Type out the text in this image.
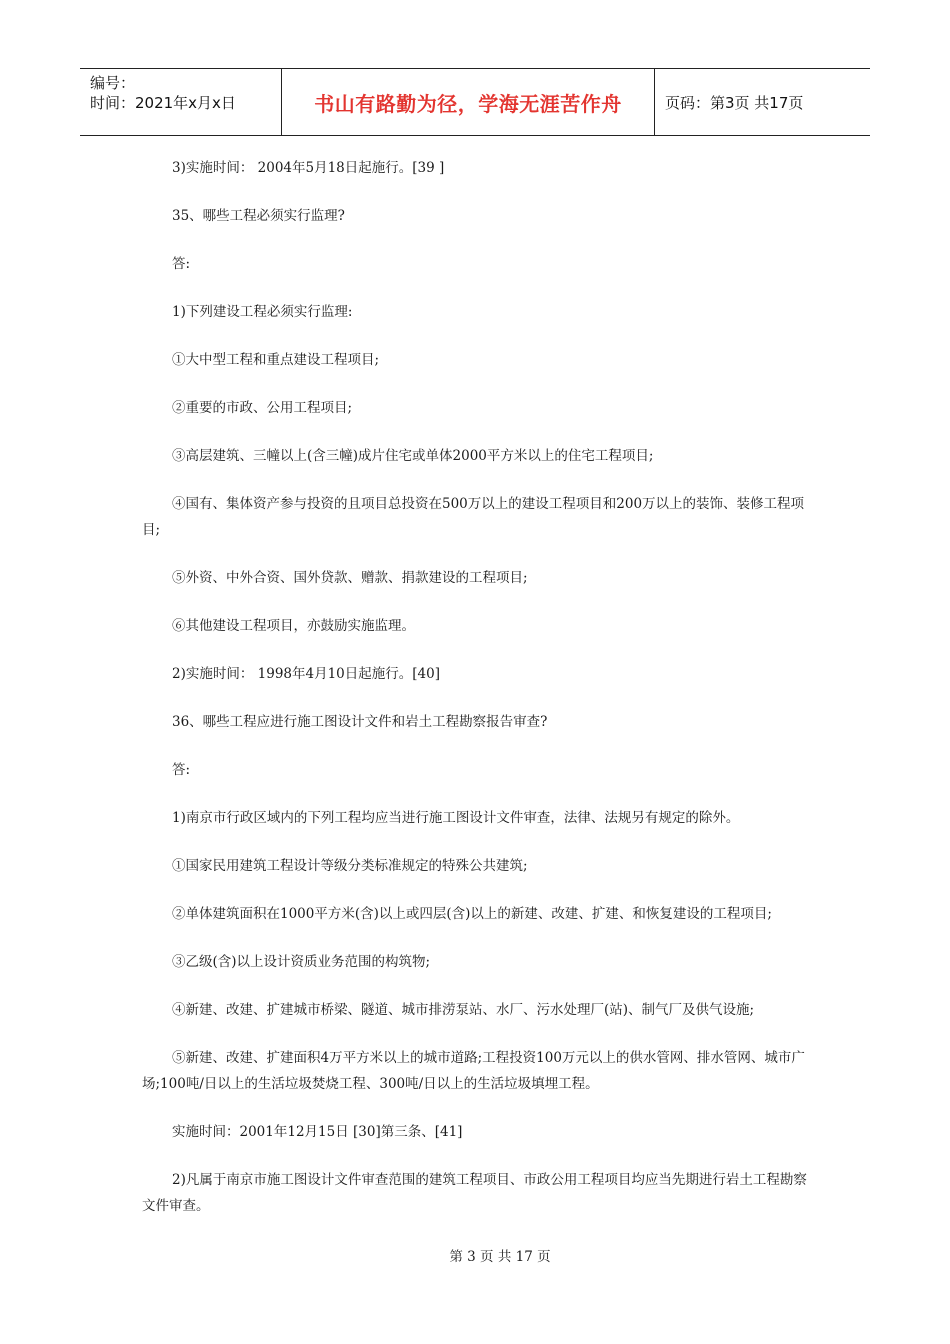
编号：
时间：2021年x月x日	书山有路勤为径，学海无涯苦作舟	页码：第3页 共17页

3)实施时间： 2004年5月18日起施行。[39 ]

35、哪些工程必须实行监理?

答:

1)下列建设工程必须实行监理:

①大中型工程和重点建设工程项目;

②重要的市政、公用工程项目;

③高层建筑、三幢以上(含三幢)成片住宅或单体2000平方米以上的住宅工程项目;

④国有、集体资产参与投资的且项目总投资在500万以上的建设工程项目和200万以上的装饰、装修工程项目;

⑤外资、中外合资、国外贷款、赠款、捐款建设的工程项目;

⑥其他建设工程项目，亦鼓励实施监理。

2)实施时间： 1998年4月10日起施行。[40]

36、哪些工程应进行施工图设计文件和岩土工程勘察报告审查?

答:

1)南京市行政区域内的下列工程均应当进行施工图设计文件审查，法律、法规另有规定的除外。

①国家民用建筑工程设计等级分类标准规定的特殊公共建筑;

②单体建筑面积在1000平方米(含)以上或四层(含)以上的新建、改建、扩建、和恢复建设的工程项目;

③乙级(含)以上设计资质业务范围的构筑物;

④新建、改建、扩建城市桥梁、隧道、城市排涝泵站、水厂、污水处理厂(站)、制气厂及供气设施;

⑤新建、改建、扩建面积4万平方米以上的城市道路;工程投资100万元以上的供水管网、排水管网、城市广场;100吨/日以上的生活垃圾焚烧工程、300吨/日以上的生活垃圾填埋工程。

实施时间：2001年12月15日 [30]第三条、[41]

2)凡属于南京市施工图设计文件审查范围的建筑工程项目、市政公用工程项目均应当先期进行岩土工程勘察文件审查。

第 3 页 共 17 页
